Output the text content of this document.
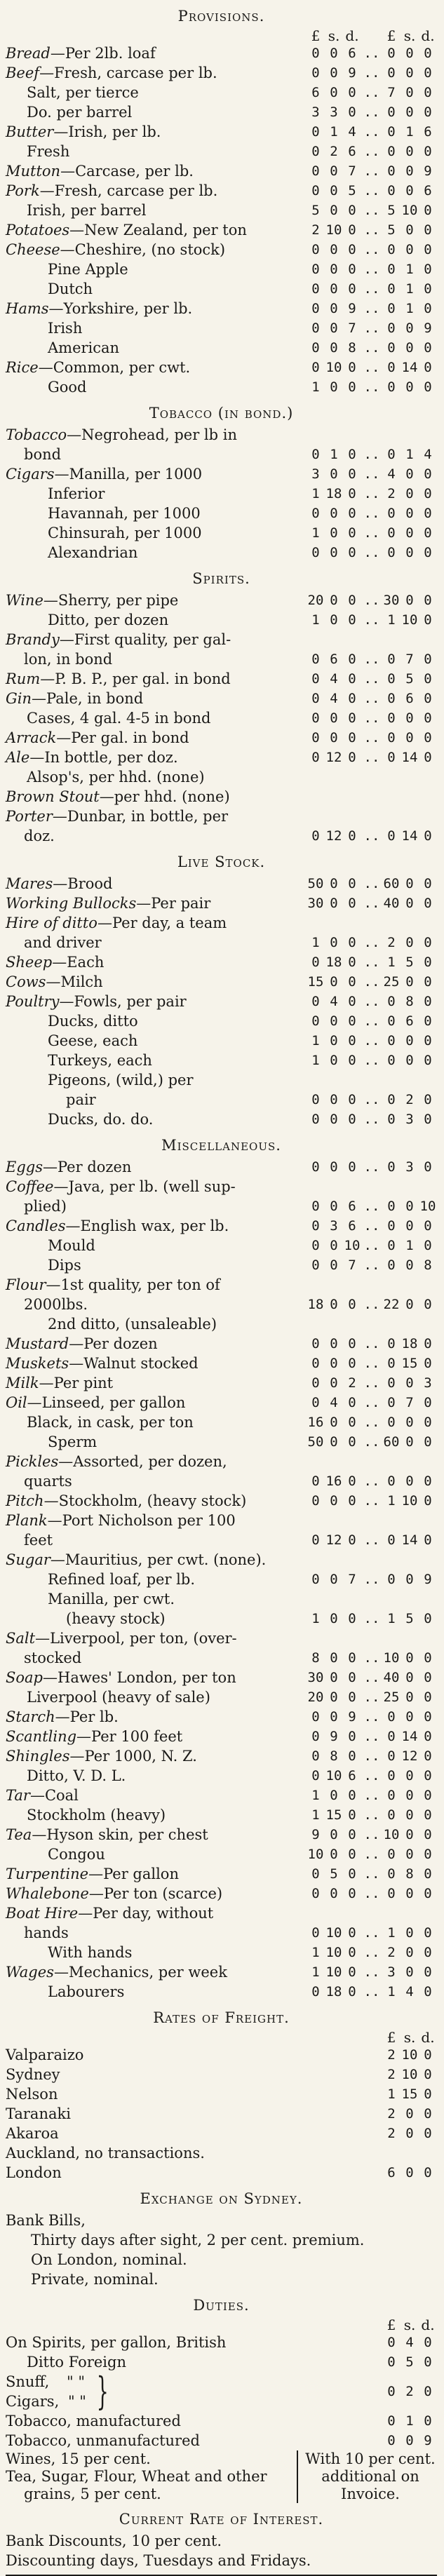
Provisions.
£ s. d.	£ s. d.
Bread—Per 2lb. loaf	0 0 6 .. 0 0 0
Beef—Fresh, carcase per lb.	0 0 9 .. 0 0 0
Salt, per tierce	6 0 0 .. 7 0 0
Do. per barrel	3 3 0 .. 0 0 0
Butter—Irish, per lb.	0 1 4 .. 0 1 6
Fresh	0 2 6 .. 0 0 0
Mutton—Carcase, per lb.	0 0 7 .. 0 0 9
Pork—Fresh, carcase per lb.	0 0 5 .. 0 0 6
Irish, per barrel	5 0 0 .. 5 10 0
Potatoes—New Zealand, per ton	2 10 0 .. 5 0 0
Cheese—Cheshire, (no stock)	0 0 0 .. 0 0 0
Pine Apple	0 0 0 .. 0 1 0
Dutch	0 0 0 .. 0 1 0
Hams—Yorkshire, per lb.	0 0 9 .. 0 1 0
Irish	0 0 7 .. 0 0 9
American	0 0 8 .. 0 0 0
Rice—Common, per cwt.	0 10 0 .. 0 14 0
Good	1 0 0 .. 0 0 0
Tobacco (in bond.)
Tobacco—Negrohead, per lb in
bond	0 1 0 .. 0 1 4
Cigars—Manilla, per 1000	3 0 0 .. 4 0 0
Inferior	1 18 0 .. 2 0 0
Havannah, per 1000	0 0 0 .. 0 0 0
Chinsurah, per 1000	1 0 0 .. 0 0 0
Alexandrian	0 0 0 .. 0 0 0
Spirits.
Wine—Sherry, per pipe	20 0 0 .. 30 0 0
Ditto, per dozen	1 0 0 .. 1 10 0
Brandy—First quality, per gal-
lon, in bond	0 6 0 .. 0 7 0
Rum—P. B. P., per gal. in bond	0 4 0 .. 0 5 0
Gin—Pale, in bond	0 4 0 .. 0 6 0
Cases, 4 gal. 4-5 in bond	0 0 0 .. 0 0 0
Arrack—Per gal. in bond	0 0 0 .. 0 0 0
Ale—In bottle, per doz.	0 12 0 .. 0 14 0
Alsop's, per hhd. (none)
Brown Stout—per hhd. (none)
Porter—Dunbar, in bottle, per
doz.	0 12 0 .. 0 14 0
Live Stock.
Mares—Brood	50 0 0 .. 60 0 0
Working Bullocks—Per pair	30 0 0 .. 40 0 0
Hire of ditto—Per day, a team
and driver	1 0 0 .. 2 0 0
Sheep—Each	0 18 0 .. 1 5 0
Cows—Milch	15 0 0 .. 25 0 0
Poultry—Fowls, per pair	0 4 0 .. 0 8 0
Ducks, ditto	0 0 0 .. 0 6 0
Geese, each	1 0 0 .. 0 0 0
Turkeys, each	1 0 0 .. 0 0 0
Pigeons, (wild,) per
pair	0 0 0 .. 0 2 0
Ducks, do. do.	0 0 0 .. 0 3 0
Miscellaneous.
Eggs—Per dozen	0 0 0 .. 0 3 0
Coffee—Java, per lb. (well sup-
plied)	0 0 6 .. 0 0 10
Candles—English wax, per lb.	0 3 6 .. 0 0 0
Mould	0 0 10 .. 0 1 0
Dips	0 0 7 .. 0 0 8
Flour—1st quality, per ton of
2000lbs.	18 0 0 .. 22 0 0
2nd ditto, (unsaleable)
Mustard—Per dozen	0 0 0 .. 0 18 0
Muskets—Walnut stocked	0 0 0 .. 0 15 0
Milk—Per pint	0 0 2 .. 0 0 3
Oil—Linseed, per gallon	0 4 0 .. 0 7 0
Black, in cask, per ton	16 0 0 .. 0 0 0
Sperm	50 0 0 .. 60 0 0
Pickles—Assorted, per dozen,
quarts	0 16 0 .. 0 0 0
Pitch—Stockholm, (heavy stock)	0 0 0 .. 1 10 0
Plank—Port Nicholson per 100
feet	0 12 0 .. 0 14 0
Sugar—Mauritius, per cwt. (none).
Refined loaf, per lb.	0 0 7 .. 0 0 9
Manilla, per cwt.
(heavy stock)	1 0 0 .. 1 5 0
Salt—Liverpool, per ton, (over-
stocked	8 0 0 .. 10 0 0
Soap—Hawes' London, per ton	30 0 0 .. 40 0 0
Liverpool (heavy of sale)	20 0 0 .. 25 0 0
Starch—Per lb.	0 0 9 .. 0 0 0
Scantling—Per 100 feet	0 9 0 .. 0 14 0
Shingles—Per 1000, N. Z.	0 8 0 .. 0 12 0
Ditto, V. D. L.	0 10 6 .. 0 0 0
Tar—Coal	1 0 0 .. 0 0 0
Stockholm (heavy)	1 15 0 .. 0 0 0
Tea—Hyson skin, per chest	9 0 0 .. 10 0 0
Congou	10 0 0 .. 0 0 0
Turpentine—Per gallon	0 5 0 .. 0 8 0
Whalebone—Per ton (scarce)	0 0 0 .. 0 0 0
Boat Hire—Per day, without
hands	0 10 0 .. 1 0 0
With hands	1 10 0 .. 2 0 0
Wages—Mechanics, per week	1 10 0 .. 3 0 0
Labourers	0 18 0 .. 1 4 0
Rates of Freight.
£ s. d.
Valparaizo	2 10 0
Sydney	2 10 0
Nelson	1 15 0
Taranaki	2 0 0
Akaroa	2 0 0
Auckland, no transactions.
London	6 0 0
Exchange on Sydney.

Bank Bills,

Thirty days after sight, 2 per cent. premium.

On London, nominal.

Private, nominal.

Duties.
£ s. d.
On Spirits, per gallon, British	0 4 0
Ditto Foreign	0 5 0
Snuff, " "
Cigars, " " }	0 2 0
Tobacco, manufactured	0 1 0
Tobacco, unmanufactured	0 0 9
Wines, 15 per cent.
Tea, Sugar, Flour, Wheat and other
grains, 5 per cent.
With 10 per cent.
additional on
Invoice.
Current Rate of Interest.

Bank Discounts, 10 per cent.

Discounting days, Tuesdays and Fridays.
